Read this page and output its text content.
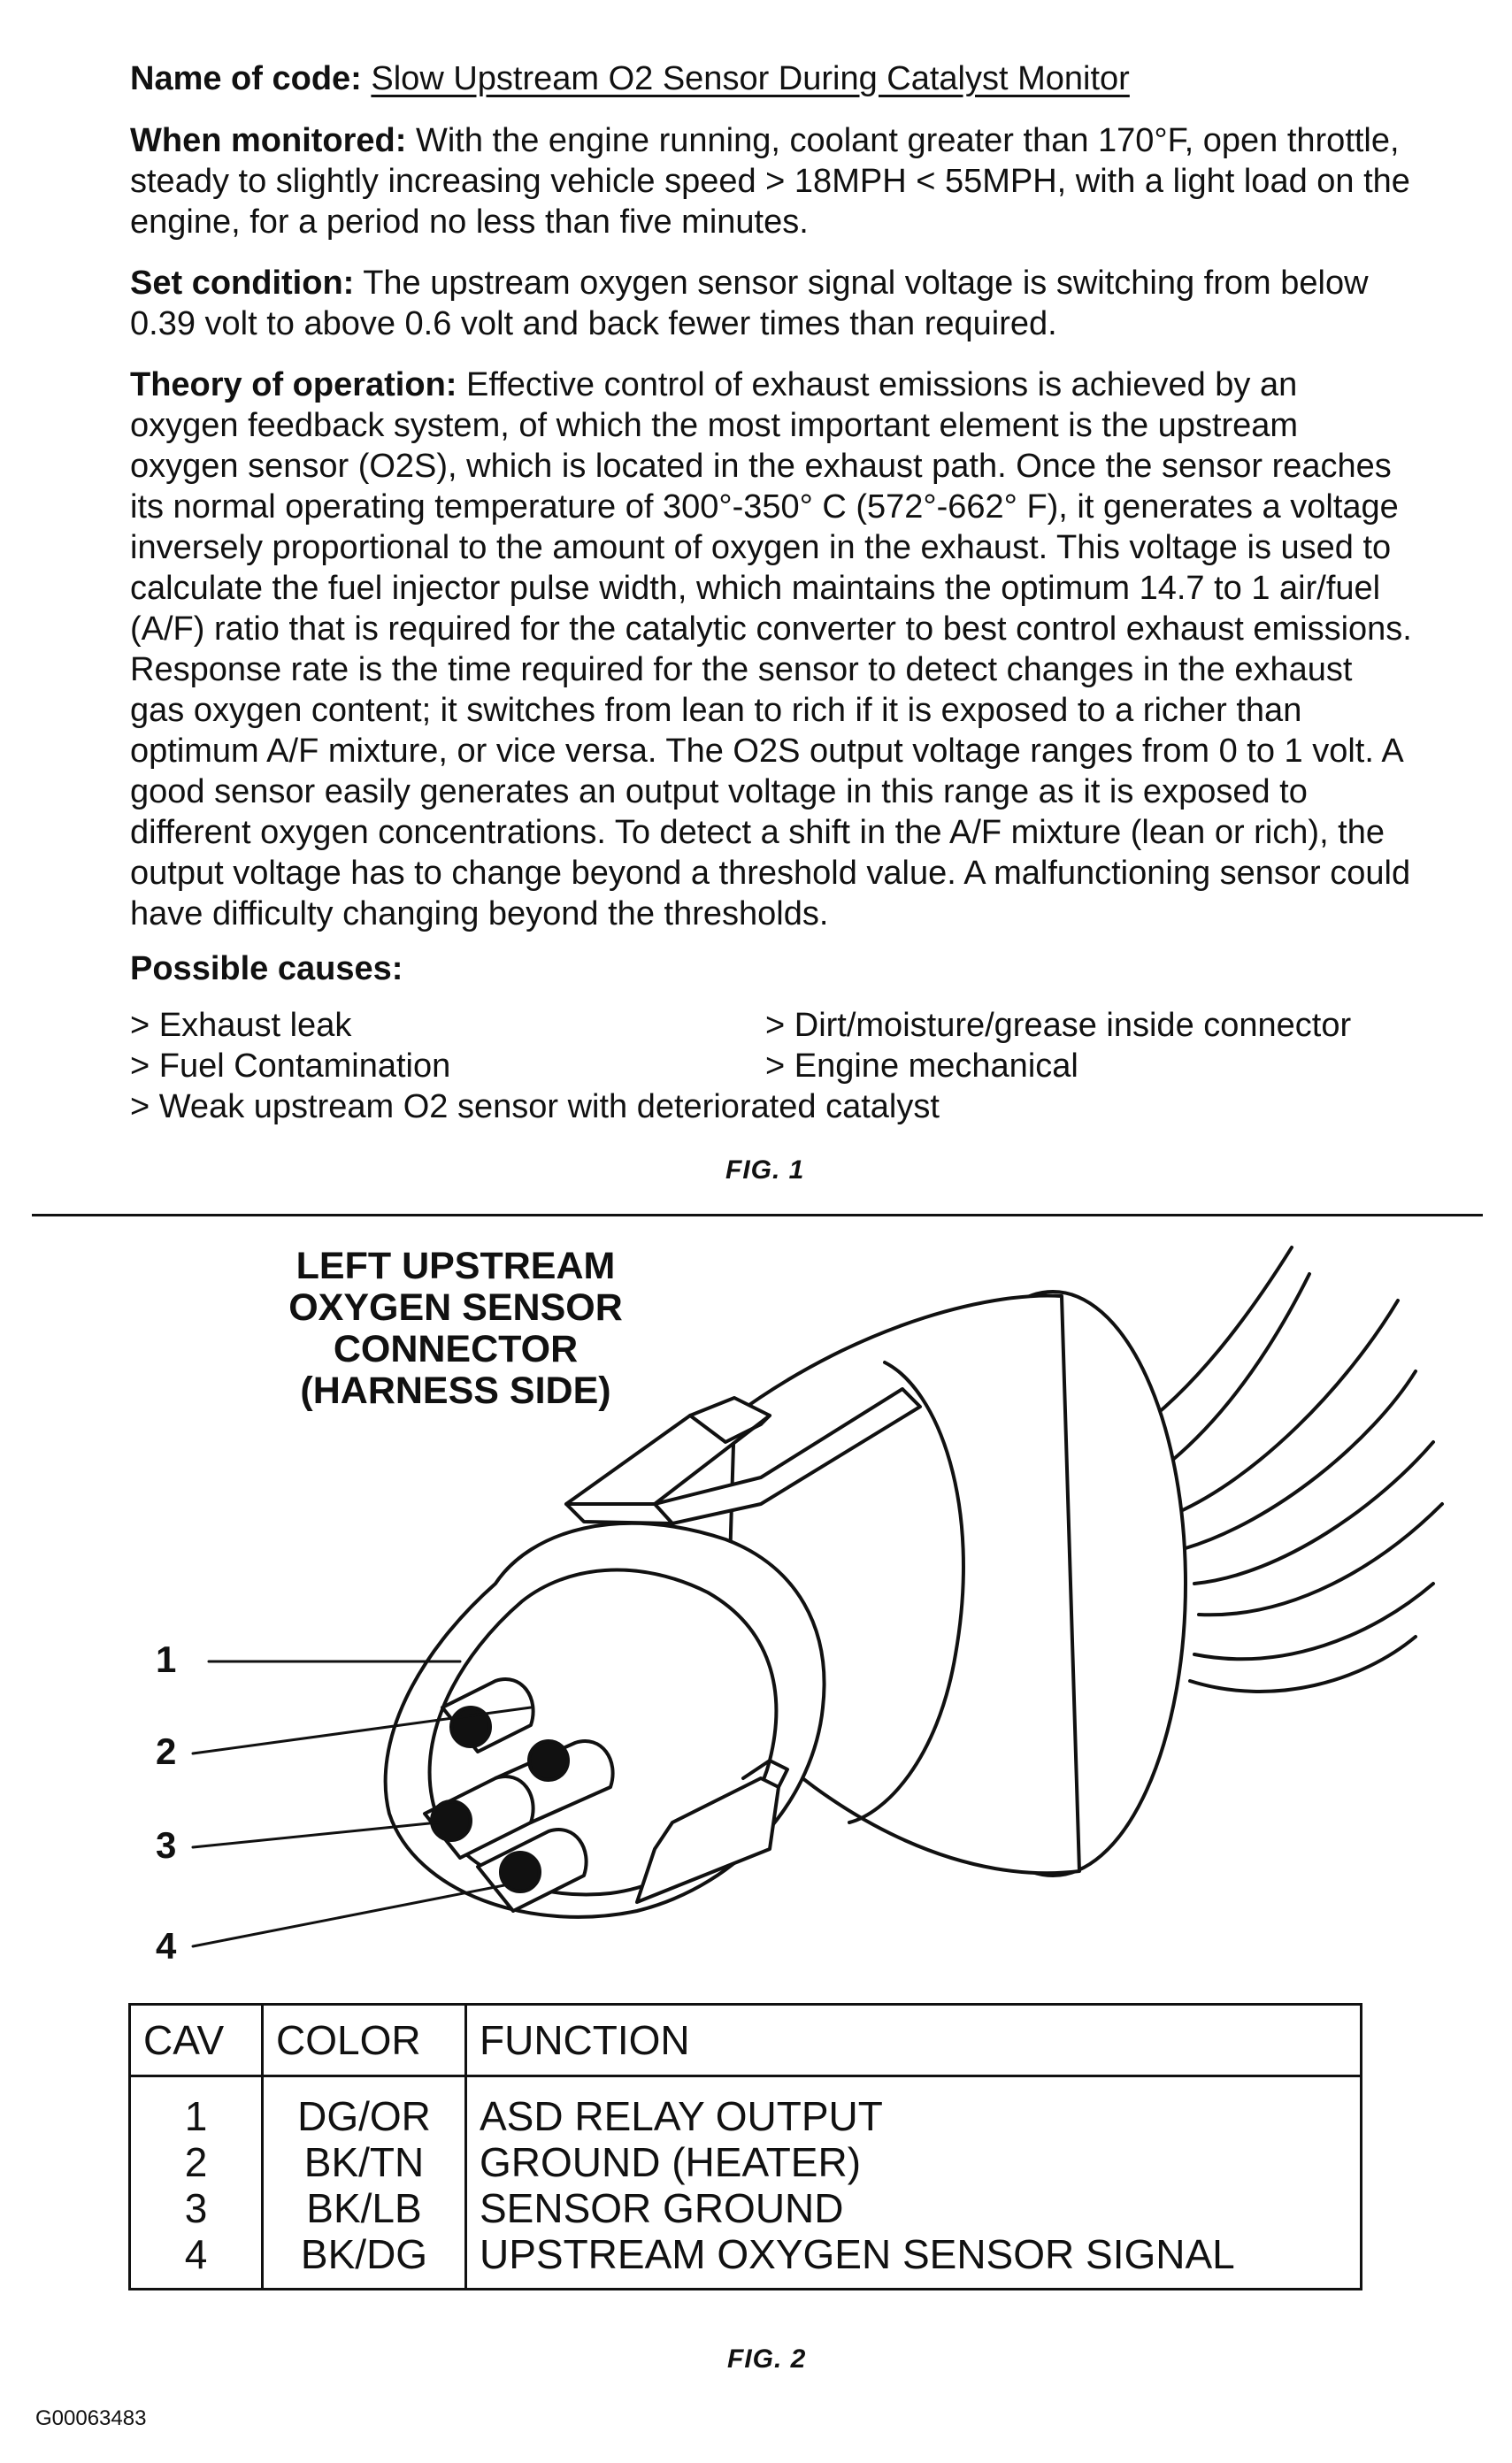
Name of code: Slow Upstream O2 Sensor During Catalyst Monitor
When monitored: With the engine running, coolant greater than 170°F, open throttle, steady to slightly increasing vehicle speed > 18MPH < 55MPH, with a light load on the engine, for a period no less than five minutes.
Set condition: The upstream oxygen sensor signal voltage is switching from below 0.39 volt to above 0.6 volt and back fewer times than required.
Theory of operation: Effective control of exhaust emissions is achieved by an oxygen feedback system, of which the most important element is the upstream oxygen sensor (O2S), which is located in the exhaust path. Once the sensor reaches its normal operating temperature of 300°-350° C (572°-662° F), it generates a voltage inversely proportional to the amount of oxygen in the exhaust. This voltage is used to calculate the fuel injector pulse width, which maintains the optimum 14.7 to 1 air/fuel (A/F) ratio that is required for the catalytic converter to best control exhaust emissions. Response rate is the time required for the sensor to detect changes in the exhaust gas oxygen content; it switches from lean to rich if it is exposed to a richer than optimum A/F mixture, or vice versa. The O2S output voltage ranges from 0 to 1 volt. A good sensor easily generates an output voltage in this range as it is exposed to different oxygen concentrations. To detect a shift in the A/F mixture (lean or rich), the output voltage has to change beyond a threshold value. A malfunctioning sensor could have difficulty changing beyond the thresholds.
Possible causes:
> Exhaust leak	> Dirt/moisture/grease inside connector
> Fuel Contamination	> Engine mechanical
> Weak upstream O2 sensor with deteriorated catalyst
FIG. 1
LEFT UPSTREAM
OXYGEN SENSOR
CONNECTOR
(HARNESS SIDE)
1
2
3
4
CAV	COLOR	FUNCTION
1	DG/OR	ASD RELAY OUTPUT
2	BK/TN	GROUND (HEATER)
3	BK/LB	SENSOR GROUND
4	BK/DG	UPSTREAM OXYGEN SENSOR SIGNAL
FIG. 2
G00063483
